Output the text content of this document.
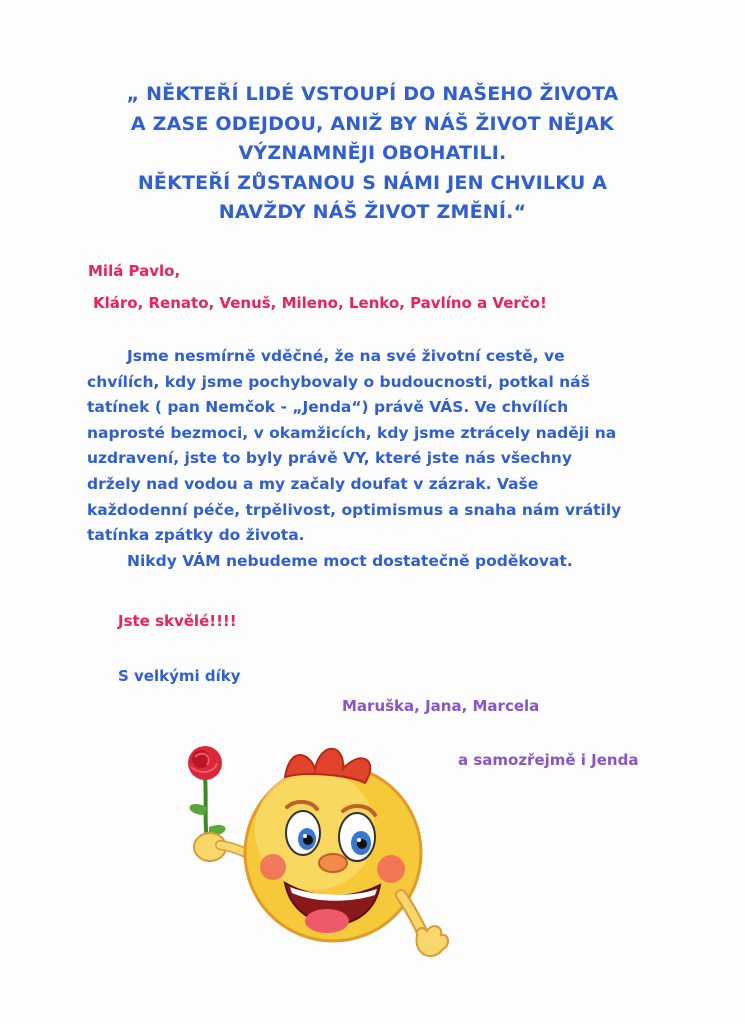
„ NĚKTEŘÍ LIDÉ VSTOUPÍ DO NAŠEHO ŽIVOTA
A ZASE ODEJDOU, ANIŽ BY NÁŠ ŽIVOT NĚJAK
VÝZNAMNĚJI OBOHATILI.
NĚKTEŘÍ ZŮSTANOU S NÁMI JEN CHVILKU A
NAVŽDY NÁŠ ŽIVOT ZMĚNÍ.“
Milá Pavlo,
Kláro, Renato, Venuš, Mileno, Lenko, Pavlíno a Verčo!
Jsme nesmírně vděčné, že na své životní cestě, ve
chvílích, kdy jsme pochybovaly o budoucnosti, potkal náš
tatínek ( pan Nemčok - „Jenda“) právě VÁS. Ve chvílích
naprosté bezmoci, v okamžicích, kdy jsme ztrácely naději na
uzdravení, jste to byly právě VY, které jste nás všechny
držely nad vodou a my začaly doufat v zázrak. Vaše
každodenní péče, trpělivost, optimismus a snaha nám vrátily
tatínka zpátky do života.
Nikdy VÁM nebudeme moct dostatečně poděkovat.
Jste skvělé!!!!
S velkými díky
Maruška, Jana, Marcela
a samozřejmě i Jenda
